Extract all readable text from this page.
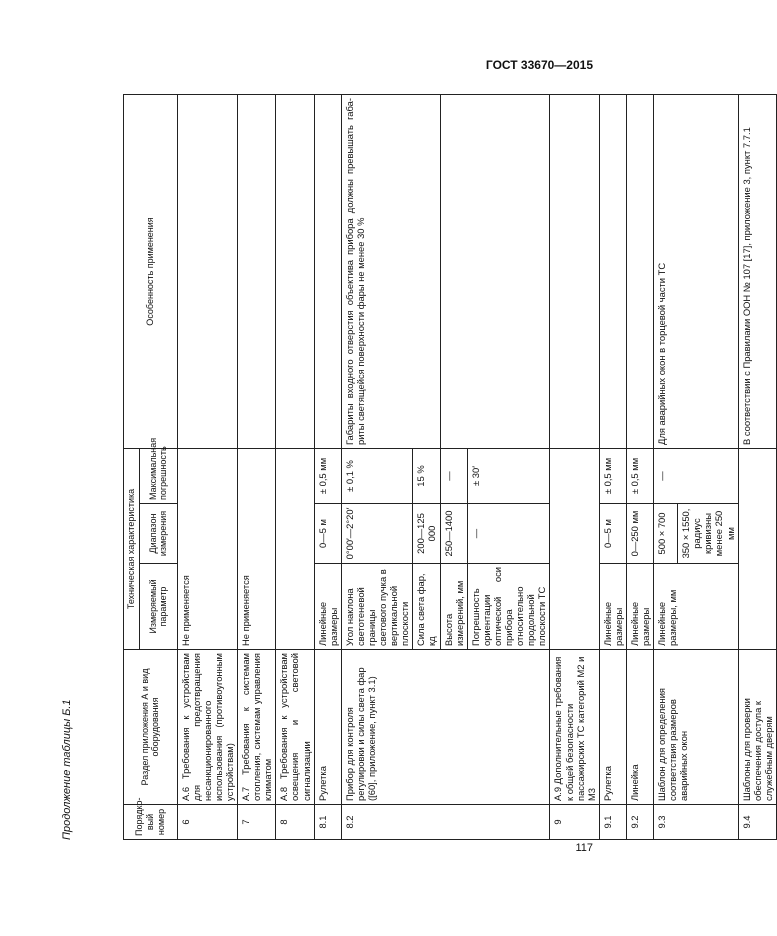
ГОСТ 33670—2015
Продолжение таблицы Б.1	Порядко- вый номер	Раздел приложения А и вид оборудования	Техническая характеристика			Особенность применения
		Измеряемый параметр	Диапазон измерения	Максимальная погрешность	
6	А.6 Требования к устройствам для предотвращения несанкционированного использования (противоугонным устройствам)	Не применяется			
7	А.7 Требования к системам отопления, системам управления климатом	Не применяется			
8	А.8 Требования к устройствам освещения и световой сигнализации				
8.1	Рулетка	Линейные размеры	0—5 м	± 0,5 мм	
8.2	Прибор для контроля регулировки и силы света фар ([60], приложение, пункт 3.1)	Угол наклона светотеневой границы светового пучка в вертикальной плоскости	0°00′—2°20′	± 0,1 %	Габариты входного отверстия объектива прибора должны превышать габариты светящейся поверхности фары не менее 30 %
		Сила света фар, кд	200—125 000	15 %	
		Высота измерений, мм	250—1400	—	
		Погрешность ориентации оптической оси прибора относительно продольной плоскости ТС	—	± 30′	
9	А.9 Дополнительные требования к общей безопасности пассажирских ТС категорий M2 и M3				
9.1	Рулетка	Линейные размеры	0—5 м	± 0,5 мм	
9.2	Линейка	Линейные размеры	0—250 мм	± 0,5 мм	
9.3	Шаблон для определения соответствия размеров аварийных окон	Линейные размеры, мм	500 × 700	—	Для аварийных окон в торцевой части ТС
			350 × 1550, радиус кривизны менее 250 мм		
9.4	Шаблоны для проверки обеспечения доступа к служебным дверям				В соответствии с Правилами ООН № 107 [17], приложение 3, пункт 7.7.1
117
